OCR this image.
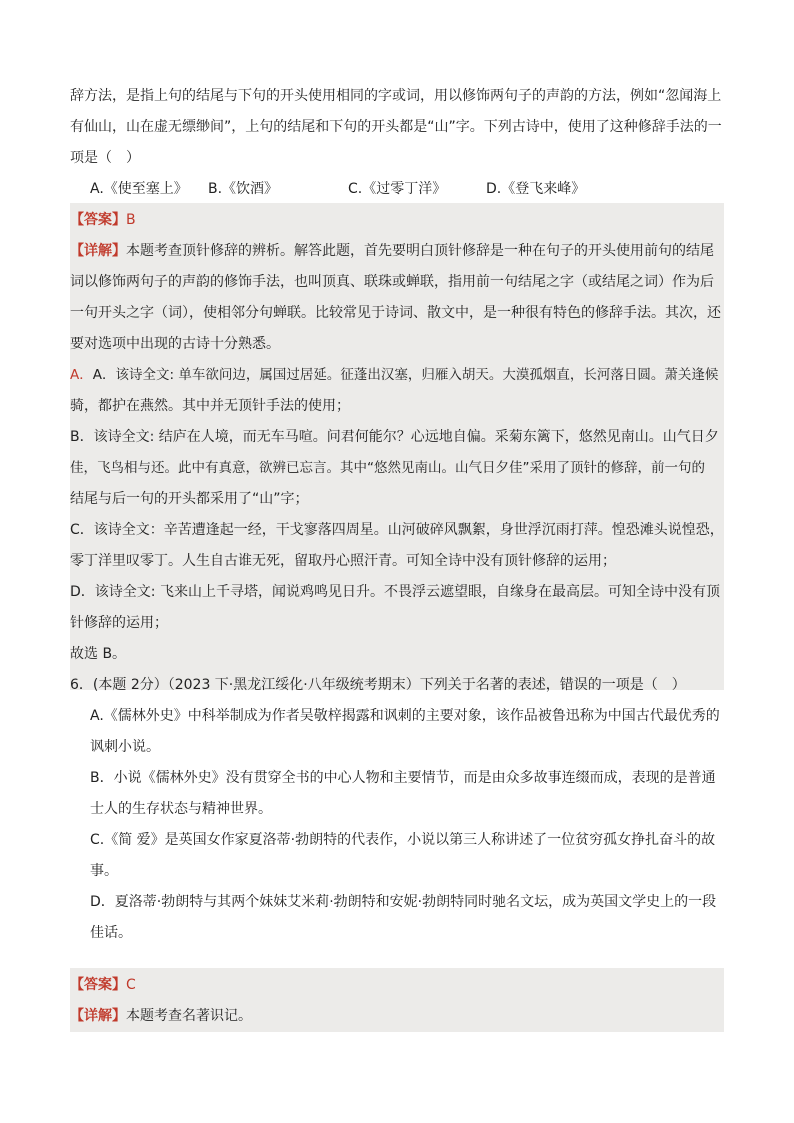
辞方法，是指上句的结尾与下句的开头使用相同的字或词，用以修饰两句子的声韵的方法，例如“忽闻海上
有仙山，山在虚无缥缈间”，上句的结尾和下句的开头都是“山”字。下列古诗中，使用了这种修辞手法的一
项是（　）
A.《使至塞上》 B.《饮酒》	C.《过零丁洋》	D.《登飞来峰》
【答案】B
【详解】本题考查顶针修辞的辨析。解答此题，首先要明白顶针修辞是一种在句子的开头使用前句的结尾
词以修饰两句子的声韵的修饰手法，也叫顶真、联珠或蝉联，指用前一句结尾之字（或结尾之词）作为后
一句开头之字（词），使相邻分句蝉联。比较常见于诗词、散文中，是一种很有特色的修辞手法。其次，还
要对选项中出现的古诗十分熟悉。
A．A．该诗全文: 单车欲问边，属国过居延。征蓬出汉塞，归雁入胡天。大漠孤烟直，长河落日圆。萧关逢候
骑，都护在燕然。其中并无顶针手法的使用；
B．该诗全文: 结庐在人境，而无车马喧。问君何能尔？心远地自偏。采菊东篱下，悠然见南山。山气日夕
佳，飞鸟相与还。此中有真意，欲辨已忘言。其中“悠然见南山。山气日夕佳”采用了顶针的修辞，前一句的
结尾与后一句的开头都采用了“山”字；
C．该诗全文：辛苦遭逢起一经，干戈寥落四周星。山河破碎风飘絮，身世浮沉雨打萍。惶恐滩头说惶恐，
零丁洋里叹零丁。人生自古谁无死，留取丹心照汗青。可知全诗中没有顶针修辞的运用；
D．该诗全文: 飞来山上千寻塔，闻说鸡鸣见日升。不畏浮云遮望眼，自缘身在最高层。可知全诗中没有顶
针修辞的运用；
故选 B。
6．(本题 2分）（2023 下·黑龙江绥化·八年级统考期末）下列关于名著的表述，错误的一项是（　）
A.《儒林外史》中科举制成为作者吴敬梓揭露和讽刺的主要对象，该作品被鲁迅称为中国古代最优秀的
讽刺小说。
B．小说《儒林外史》没有贯穿全书的中心人物和主要情节，而是由众多故事连缀而成，表现的是普通
士人的生存状态与精神世界。
C.《简 爱》是英国女作家夏洛蒂·勃朗特的代表作，小说以第三人称讲述了一位贫穷孤女挣扎奋斗的故
事。
D．夏洛蒂·勃朗特与其两个妹妹艾米莉·勃朗特和安妮·勃朗特同时驰名文坛，成为英国文学史上的一段
佳话。
【答案】C
【详解】本题考查名著识记。
